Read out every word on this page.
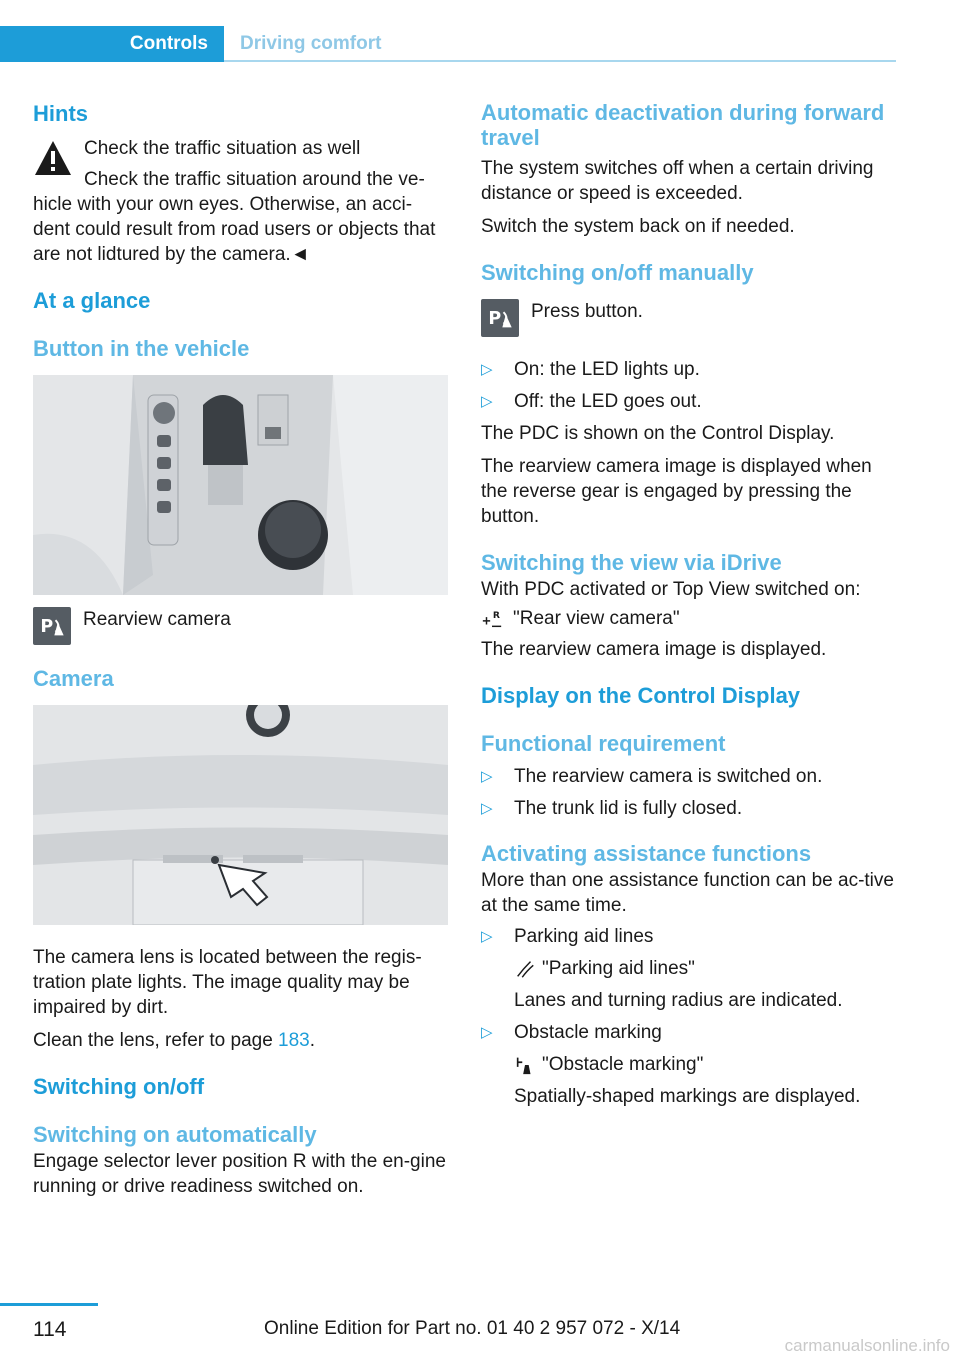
Controls	Driving comfort
Hints

Check the traffic situation as well

Check the traffic situation around the ve-

hicle with your own eyes. Otherwise, an acci-dent could result from road users or objects that are not lidtured by the camera.◄

At a glance
Button in the vehicle
P Rearview camera
Camera

The camera lens is located between the regis-tration plate lights. The image quality may be impaired by dirt.

Clean the lens, refer to page 183.

Switching on/off
Switching on automatically

Engage selector lever position R with the en-gine running or drive readiness switched on.

Automatic deactivation during forward travel

The system switches off when a certain driving distance or speed is exceeded.

Switch the system back on if needed.

Switching on/off manually
P Press button.
▷ On: the LED lights up.
▷ Off: the LED goes out.

The PDC is shown on the Control Display.

The rearview camera image is displayed when the reverse gear is engaged by pressing the button.

Switching the view via iDrive

With PDC activated or Top View switched on:

R "Rear view camera"

The rearview camera image is displayed.

Display on the Control Display
Functional requirement
▷ The rearview camera is switched on.
▷ The trunk lid is fully closed.
Activating assistance functions

More than one assistance function can be ac-tive at the same time.

▷ Parking aid lines
"Parking aid lines"
Lanes and turning radius are indicated.
▷ Obstacle marking
"Obstacle marking"
Spatially-shaped markings are displayed.
114	Online Edition for Part no. 01 40 2 957 072 - X/14
carmanualsonline.info
